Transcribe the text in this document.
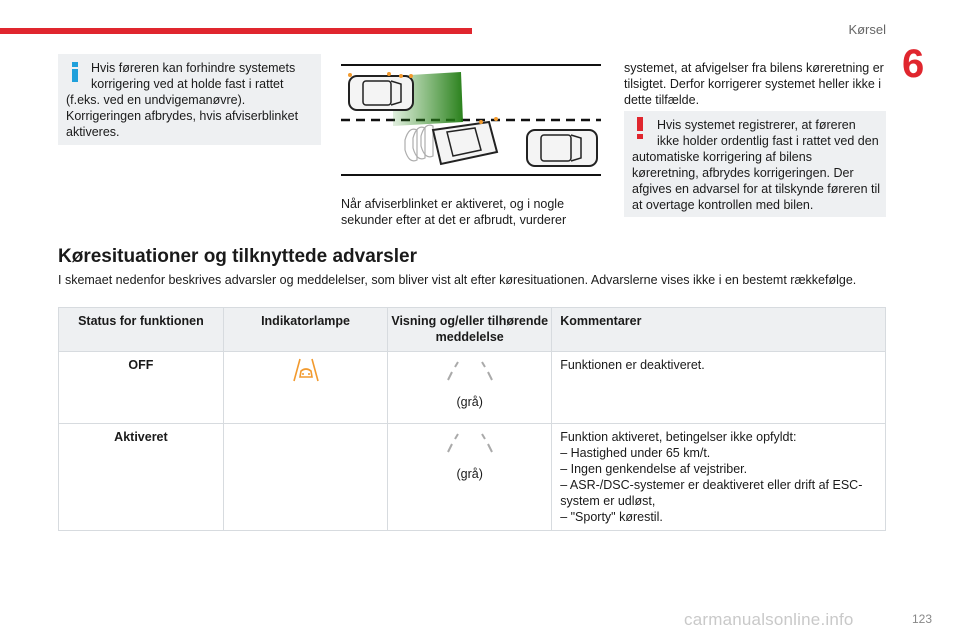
Kørsel
6

Hvis føreren kan forhindre systemets korrigering ved at holde fast i rattet

(f.eks. ved en undvigemanøvre). Korrigeringen afbrydes, hvis afviserblinket aktiveres.

Når afviserblinket er aktiveret, og i nogle sekunder efter at det er afbrudt, vurderer
systemet, at afvigelser fra bilens køreretning er tilsigtet. Derfor korrigerer systemet heller ikke i dette tilfælde.

Hvis systemet registrerer, at føreren ikke holder ordentlig fast i rattet ved den

automatiske korrigering af bilens køreretning, afbrydes korrigeringen. Der afgives en advarsel for at tilskynde føreren til at overtage kontrollen med bilen.

Køresituationer og tilknyttede advarsler
I skemaet nedenfor beskrives advarsler og meddelelser, som bliver vist alt efter køresituationen. Advarslerne vises ikke i en bestemt rækkefølge.
Status for funktionen	Indikatorlampe	Visning og/eller tilhørende meddelelse	Kommentarer
OFF		(grå)	Funktionen er deaktiveret.
Aktiveret		(grå)	Funktion aktiveret, betingelser ikke opfyldt:
– Hastighed under 65 km/t.
– Ingen genkendelse af vejstriber.
– ASR-/DSC-systemer er deaktiveret eller drift af ESC-system er udløst,
– "Sporty" kørestil.
carmanualsonline.info	123
